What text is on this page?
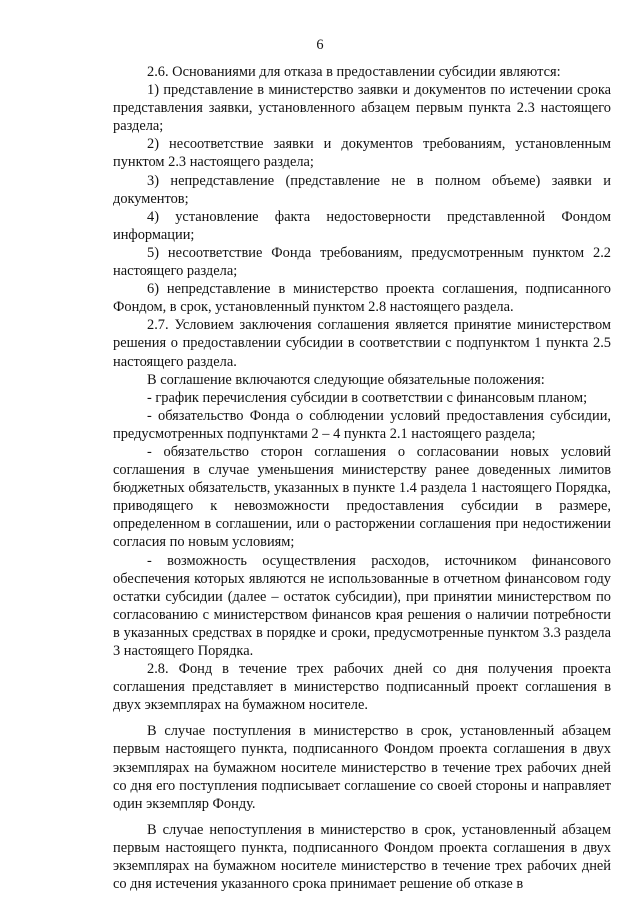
6

2.6. Основаниями для отказа в предоставлении субсидии являются:

1) представление в министерство заявки и документов по истечении срока представления заявки, установленного абзацем первым пункта 2.3 настоящего раздела;

2) несоответствие заявки и документов требованиям, установленным пунктом 2.3 настоящего раздела;

3) непредставление (представление не в полном объеме) заявки и документов;

4) установление факта недостоверности представленной Фондом информации;

5) несоответствие Фонда требованиям, предусмотренным пунктом 2.2 настоящего раздела;

6) непредставление в министерство проекта соглашения, подписанного Фондом, в срок, установленный пунктом 2.8 настоящего раздела.

2.7. Условием заключения соглашения является принятие министерством решения о предоставлении субсидии в соответствии с подпунктом 1 пункта 2.5 настоящего раздела.

В соглашение включаются следующие обязательные положения:

- график перечисления субсидии в соответствии с финансовым планом;

- обязательство Фонда о соблюдении условий предоставления субсидии, предусмотренных подпунктами 2 – 4 пункта 2.1 настоящего раздела;

- обязательство сторон соглашения о согласовании новых условий соглашения в случае уменьшения министерству ранее доведенных лимитов бюджетных обязательств, указанных в пункте 1.4 раздела 1 настоящего Порядка, приводящего к невозможности предоставления субсидии в размере, определенном в соглашении, или о расторжении соглашения при недостижении согласия по новым условиям;

- возможность осуществления расходов, источником финансового обеспечения которых являются не использованные в отчетном финансовом году остатки субсидии (далее – остаток субсидии), при принятии министерством по согласованию с министерством финансов края решения о наличии потребности в указанных средствах в порядке и сроки, предусмотренные пунктом 3.3 раздела 3 настоящего Порядка.

2.8. Фонд в течение трех рабочих дней со дня получения проекта соглашения представляет в министерство подписанный проект соглашения в двух экземплярах на бумажном носителе.

В случае поступления в министерство в срок, установленный абзацем первым настоящего пункта, подписанного Фондом проекта соглашения в двух экземплярах на бумажном носителе министерство в течение трех рабочих дней со дня его поступления подписывает соглашение со своей стороны и направляет один экземпляр Фонду.

В случае непоступления в министерство в срок, установленный абзацем первым настоящего пункта, подписанного Фондом проекта соглашения в двух экземплярах на бумажном носителе министерство в течение трех рабочих дней со дня истечения указанного срока принимает решение об отказе в
